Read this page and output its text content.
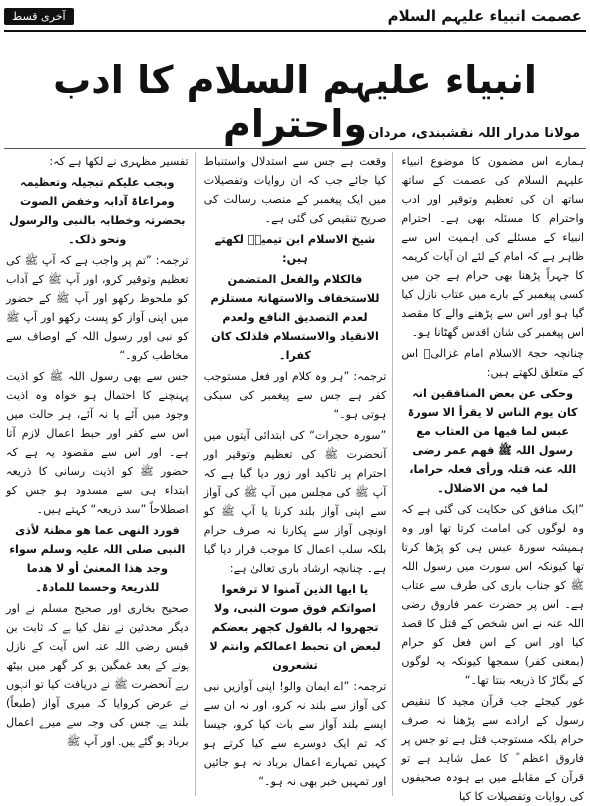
آخری قسط	عصمت انبیاء علیہم السلام
انبیاء علیہم السلام کا ادب واحترام مولانا مدرار اللہ نقشبندی، مردان

ہمارے اس مضمون کا موضوع انبیاء علیہم السلام کی عصمت کے ساتھ ساتھ ان کی تعظیم وتوقیر اور ادب واحترام کا مسئلہ بھی ہے۔ احترام انبیاء کے مسئلے کی اہمیت اس سے ظاہر ہے کہ امام کے لئے ان آیات کریمہ کا جہراً پڑھنا بھی حرام ہے جن میں کسی پیغمبر کے بارے میں عتاب نازل کیا گیا ہو اور اس سے پڑھنے والے کا مقصد اس پیغمبر کی شان اقدس گھٹانا ہو۔

چنانچہ حجۃ الاسلام امام غزالیؒ اس کے متعلق لکھتے ہیں:

وحکی عن بعض المنافقین انہ کان یوم الناس لا یقرأ الا سورۃ عبس لما فیھا من العتاب مع رسول اللہ ﷺ فھم عمر رضی اللہ عنہ قتلہ ورأی فعلہ حراما، لما فیہ من الاضلال۔

”ایک منافق کی حکایت کی گئی ہے کہ وہ لوگوں کی امامت کرتا تھا اور وہ ہمیشہ سورۃ عبس ہی کو پڑھا کرتا تھا کیونکہ اس سورت میں رسول اللہ ﷺ کو جناب باری کی طرف سے عتاب ہے۔ اس پر حضرت عمر فاروق رضی اللہ عنہ نے اس شخص کے قتل کا قصد کیا اور اس کے اس فعل کو حرام (بمعنی کفر) سمجھا کیونکہ یہ لوگوں کے بگاڑ کا ذریعہ بنتا تھا۔“

غور کیجئے جب قرآن مجید کا تنقیص رسول کے ارادے سے پڑھنا نہ صرف حرام بلکہ مستوجب قتل ہے تو جس پر فاروق اعظم ؓ کا عمل شاہد ہے تو قرآن کے مقابلے میں بے ہودہ صحیفوں کی روایات وتفصیلات کا کیا

وقعت ہے جس سے استدلال واستنباط کیا جائے جب کہ ان روایات وتفصیلات میں ایک پیغمبر کے منصب رسالت کی صریح تنقیص کی گئی ہے۔

شیخ الاسلام ابن تیمیہؒ لکھتے ہیں:

فالکلام والفعل المتضمن للاستخفاف والاستھانۃ مستلزم لعدم التصدیق النافع ولعدم الانقیاد والاستسلام فلذلک کان کفرا۔

ترجمہ: ”ہر وہ کلام اور فعل مستوجب کفر ہے جس سے پیغمبر کی سبکی ہوتی ہو۔“

”سورہ حجرات“ کی ابتدائی آیتوں میں آنحضرت ﷺ کی تعظیم وتوقیر اور احترام پر تاکید اور زور دیا گیا ہے کہ آپ ﷺ کی مجلس میں آپ ﷺ کی آواز سے اپنی آواز بلند کرنا یا آپ ﷺ کو اونچی آواز سے پکارنا نہ صرف حرام بلکہ سلب اعمال کا موجب قرار دیا گیا ہے۔ چنانچہ ارشاد باری تعالیٰ ہے:

یا ایھا الذین آمنوا لا ترفعوا اصواتکم فوق صوت النبی، ولا تجھروا لہ بالقول کجھر بعضکم لبعض ان تحبط اعمالکم وانتم لا تشعرون

ترجمہ: ”اے ایمان والو! اپنی آوازیں نبی کی آواز سے بلند نہ کرو، اور نہ ان سے ایسے بلند آواز سے بات کیا کرو، جیسا کہ تم ایک دوسرے سے کیا کرتے ہو کہیں تمہارے اعمال برباد نہ ہو جائیں اور تمہیں خبر بھی نہ ہو۔“

تفسیر مظہری نے لکھا ہے کہ:

وبجب علیکم تبجیلہ وتعظیمہ ومراعاۃ آدابہ وخفض الصوت بحضرتہ وخطابہ بالنبی والرسول ونحو ذلک۔

ترجمہ: ”تم پر واجب ہے کہ آپ ﷺ کی تعظیم وتوقیر کرو، اور آپ ﷺ کے آداب کو ملحوظ رکھو اور آپ ﷺ کے حضور میں اپنی آواز کو پست رکھو اور آپ ﷺ کو نبی اور رسول اللہ کے اوصاف سے مخاطب کرو۔“

جس سے بھی رسول اللہ ﷺ کو اذیت پہنچنے کا احتمال ہو خواہ وہ اذیت وجود میں آئے یا نہ آئے، ہر حالت میں اس سے کفر اور حبط اعمال لازم آتا ہے۔ اور اس سے مقصود یہ ہے کہ حضور ﷺ کو اذیت رسانی کا ذریعہ ابتداء ہی سے مسدود ہو جس کو اصطلاحاً ”سد ذریعہ“ کہتے ہیں۔

فورد النھی عما ھو مظنۃ لأذی النبی صلی اللہ علیہ وسلم سواء وجد ھذا المعنیٰ أو لا ھدما للذریعۃ وحسما للمادۃ۔

صحیح بخاری اور صحیح مسلم نے اور دیگر محدثین نے نقل کیا ہے کہ ثابت بن قیس رضی اللہ عنہ اس آیت کے نازل ہونے کے بعد غمگین ہو کر گھر میں بیٹھ رہے آنحضرت ﷺ نے دریافت کیا تو انہوں نے عرض کروایا کہ میری آواز (طبعاً) بلند ہے۔ جس کی وجہ سے میرے اعمال برباد ہو گئے ہیں۔ اور آپ ﷺ
